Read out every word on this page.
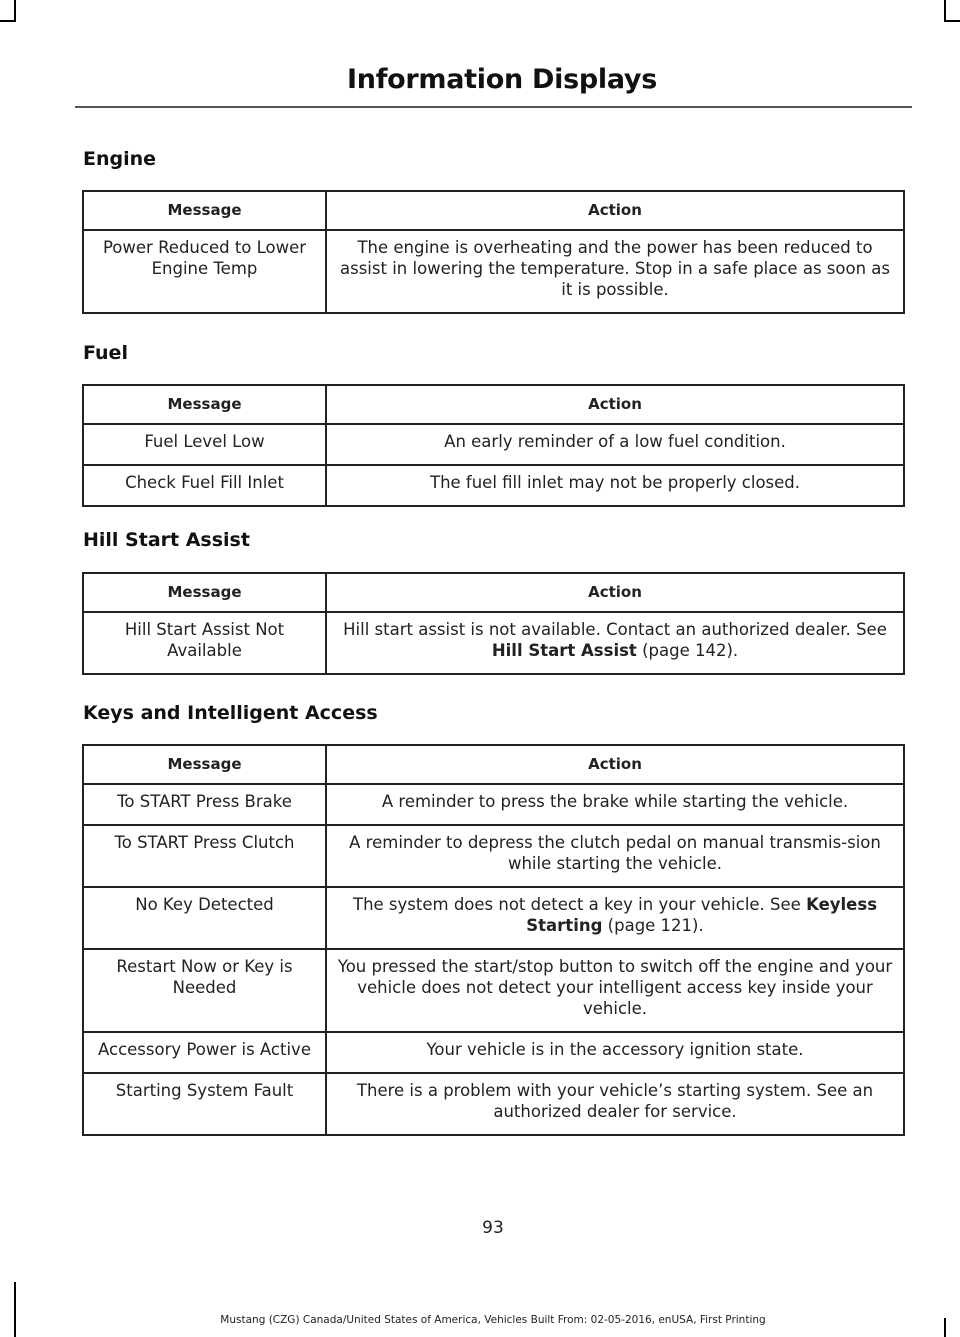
Information Displays
Engine
Message	Action
Power Reduced to Lower Engine Temp	The engine is overheating and the power has been reduced to assist in lowering the temperature. Stop in a safe place as soon as it is possible.
Fuel
Message	Action
Fuel Level Low	An early reminder of a low fuel condition.
Check Fuel Fill Inlet	The fuel fill inlet may not be properly closed.
Hill Start Assist
Message	Action
Hill Start Assist Not Available	Hill start assist is not available. Contact an authorized dealer. See Hill Start Assist (page 142).
Keys and Intelligent Access
Message	Action
To START Press Brake	A reminder to press the brake while starting the vehicle.
To START Press Clutch	A reminder to depress the clutch pedal on manual transmis-sion while starting the vehicle.
No Key Detected	The system does not detect a key in your vehicle. See Keyless Starting (page 121).
Restart Now or Key is Needed	You pressed the start/stop button to switch off the engine and your vehicle does not detect your intelligent access key inside your vehicle.
Accessory Power is Active	Your vehicle is in the accessory ignition state.
Starting System Fault	There is a problem with your vehicle’s starting system. See an authorized dealer for service.
93
Mustang (CZG) Canada/United States of America, Vehicles Built From: 02-05-2016, enUSA, First Printing
